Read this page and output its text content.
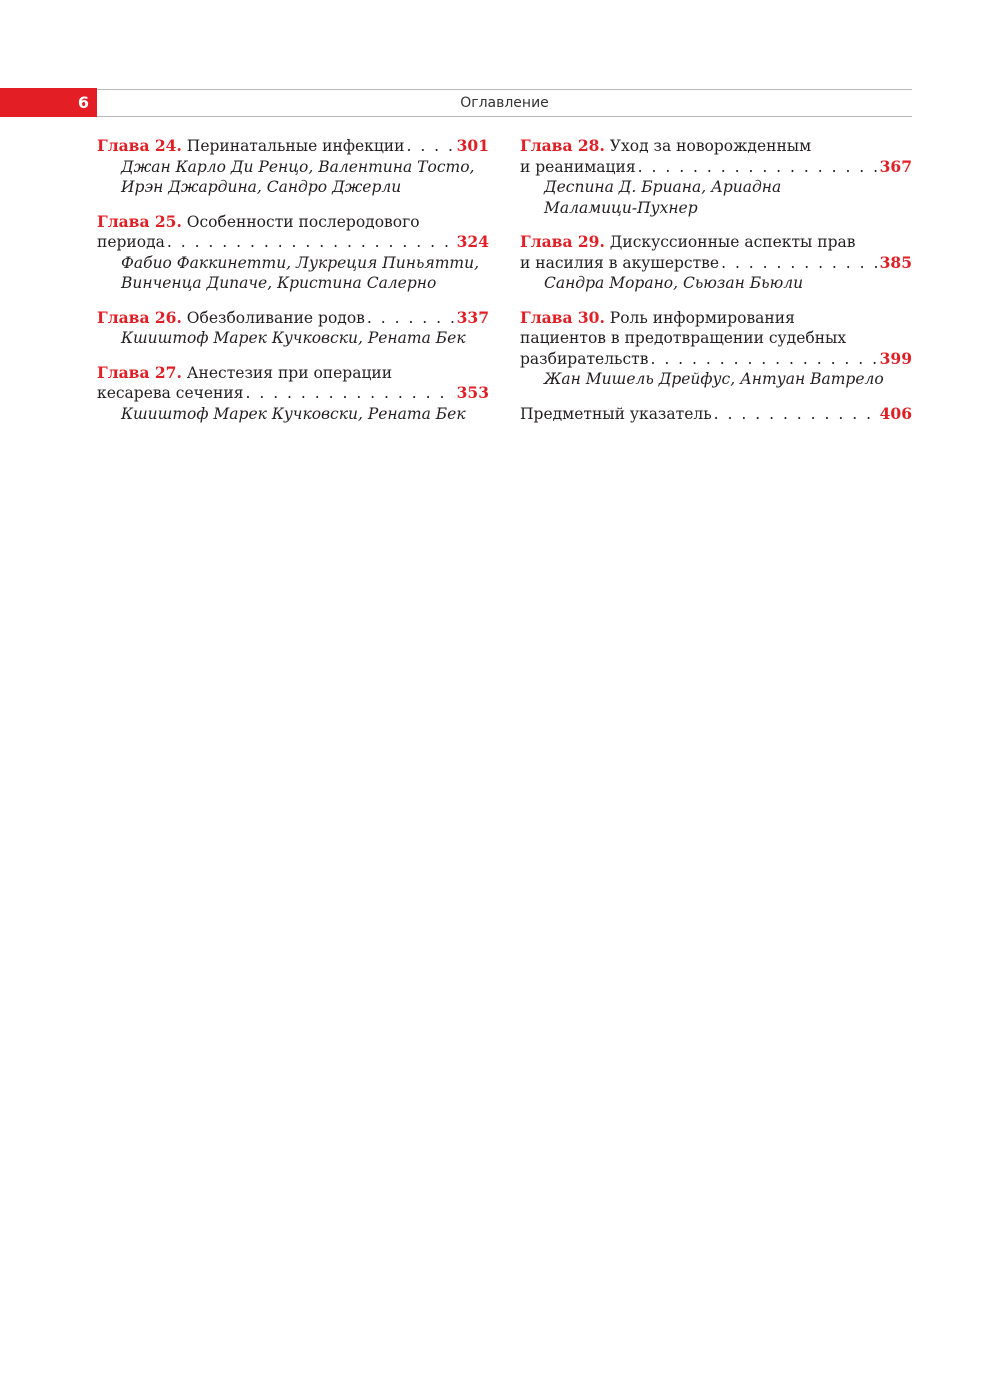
6	Оглавление
Глава 24. Перинатальные инфекции . . .	301
Джан Карло Ди Ренцо, Валентина Тосто,
Ирэн Джардина, Сандро Джерли
Глава 25. Особенности послеродового
периода . . .	324
Фабио Факкинетти, Лукреция Пиньятти,
Винченца Дипаче, Кристина Салерно
Глава 26. Обезболивание родов . . .	337
Кшиштоф Марек Кучковски, Рената Бек
Глава 27. Анестезия при операции
кесарева сечения . . .	353
Кшиштоф Марек Кучковски, Рената Бек
Глава 28. Уход за новорожденным
и реанимация . . .	367
Деспина Д. Бриана, Ариадна
Маламици-Пухнер
Глава 29. Дискуссионные аспекты прав
и насилия в акушерстве . . .	385
Сандра Морано, Сьюзан Бьюли
Глава 30. Роль информирования
пациентов в предотвращении судебных
разбирательств . . .	399
Жан Мишель Дрейфус, Антуан Ватрело
Предметный указатель . . .	406
